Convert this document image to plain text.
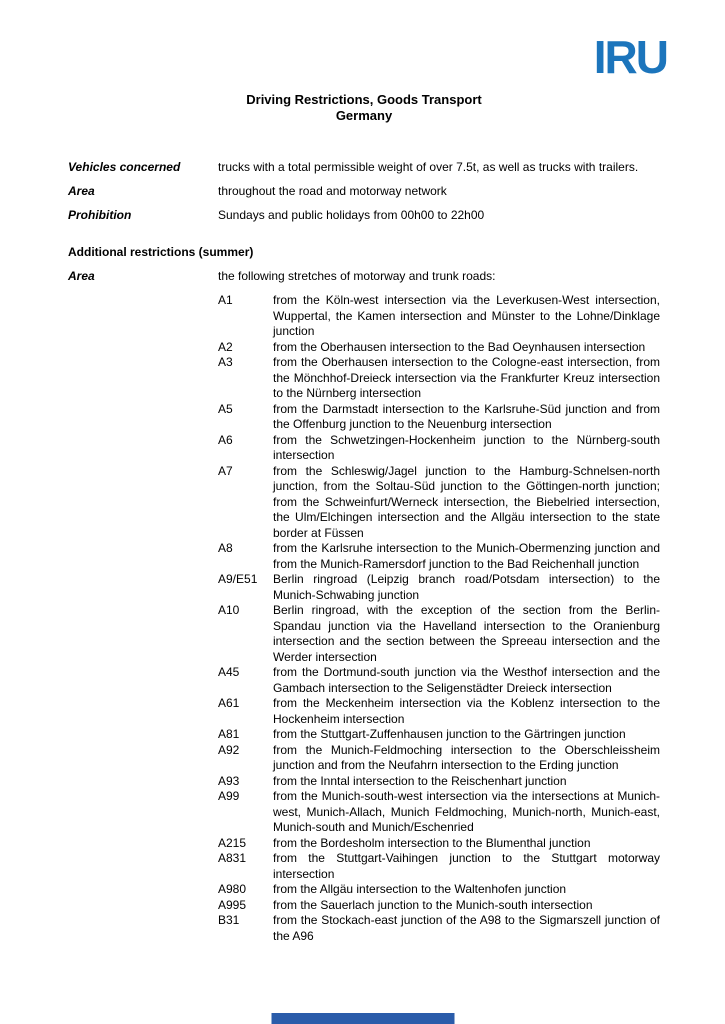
IRU
Driving Restrictions, Goods Transport
Germany
Vehicles concerned	trucks with a total permissible weight of over 7.5t, as well as trucks with trailers.
Area	throughout the road and motorway network
Prohibition	Sundays and public holidays from 00h00 to 22h00
Additional restrictions (summer)
Area	the following stretches of motorway and trunk roads:
A1	from the Köln-west intersection via the Leverkusen-West intersection, Wuppertal, the Kamen intersection and Münster to the Lohne/Dinklage junction
A2	from the Oberhausen intersection to the Bad Oeynhausen intersection
A3	from the Oberhausen intersection to the Cologne-east intersection, from the Mönchhof-Dreieck intersection via the Frankfurter Kreuz intersection to the Nürnberg intersection
A5	from the Darmstadt intersection to the Karlsruhe-Süd junction and from the Offenburg junction to the Neuenburg intersection
A6	from the Schwetzingen-Hockenheim junction to the Nürnberg-south intersection
A7	from the Schleswig/Jagel junction to the Hamburg-Schnelsen-north junction, from the Soltau-Süd junction to the Göttingen-north junction; from the Schweinfurt/Werneck intersection, the Biebelried intersection, the Ulm/Elchingen intersection and the Allgäu intersection to the state border at Füssen
A8	from the Karlsruhe intersection to the Munich-Obermenzing junction and from the Munich-Ramersdorf junction to the Bad Reichenhall junction
A9/E51	Berlin ringroad (Leipzig branch road/Potsdam intersection) to the Munich-Schwabing junction
A10	Berlin ringroad, with the exception of the section from the Berlin-Spandau junction via the Havelland intersection to the Oranienburg intersection and the section between the Spreeau intersection and the Werder intersection
A45	from the Dortmund-south junction via the Westhof intersection and the Gambach intersection to the Seligenstädter Dreieck intersection
A61	from the Meckenheim intersection via the Koblenz intersection to the Hockenheim intersection
A81	from the Stuttgart-Zuffenhausen junction to the Gärtringen junction
A92	from the Munich-Feldmoching intersection to the Oberschleissheim junction and from the Neufahrn intersection to the Erding junction
A93	from the Inntal intersection to the Reischenhart junction
A99	from the Munich-south-west intersection via the intersections at Munich-west, Munich-Allach, Munich Feldmoching, Munich-north, Munich-east, Munich-south and Munich/Eschenried
A215	from the Bordesholm intersection to the Blumenthal junction
A831	from the Stuttgart-Vaihingen junction to the Stuttgart motorway intersection
A980	from the Allgäu intersection to the Waltenhofen junction
A995	from the Sauerlach junction to the Munich-south intersection
B31	from the Stockach-east junction of the A98 to the Sigmarszell junction of the A96
